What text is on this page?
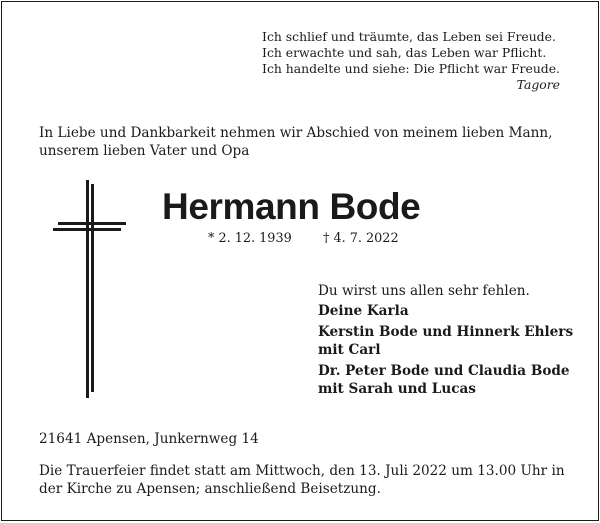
Ich schlief und träumte, das Leben sei Freude.
Ich erwachte und sah, das Leben war Pflicht.
Ich handelte und siehe: Die Pflicht war Freude.
Tagore
In Liebe und Dankbarkeit nehmen wir Abschied von meinem lieben Mann, unserem lieben Vater und Opa
Hermann Bode
* 2. 12. 1939 † 4. 7. 2022
Du wirst uns allen sehr fehlen.
Deine Karla
Kerstin Bode und Hinnerk Ehlers
mit Carl
Dr. Peter Bode und Claudia Bode
mit Sarah und Lucas
21641 Apensen, Junkernweg 14
Die Trauerfeier findet statt am Mittwoch, den 13. Juli 2022 um 13.00 Uhr in der Kirche zu Apensen; anschließend Beisetzung.
